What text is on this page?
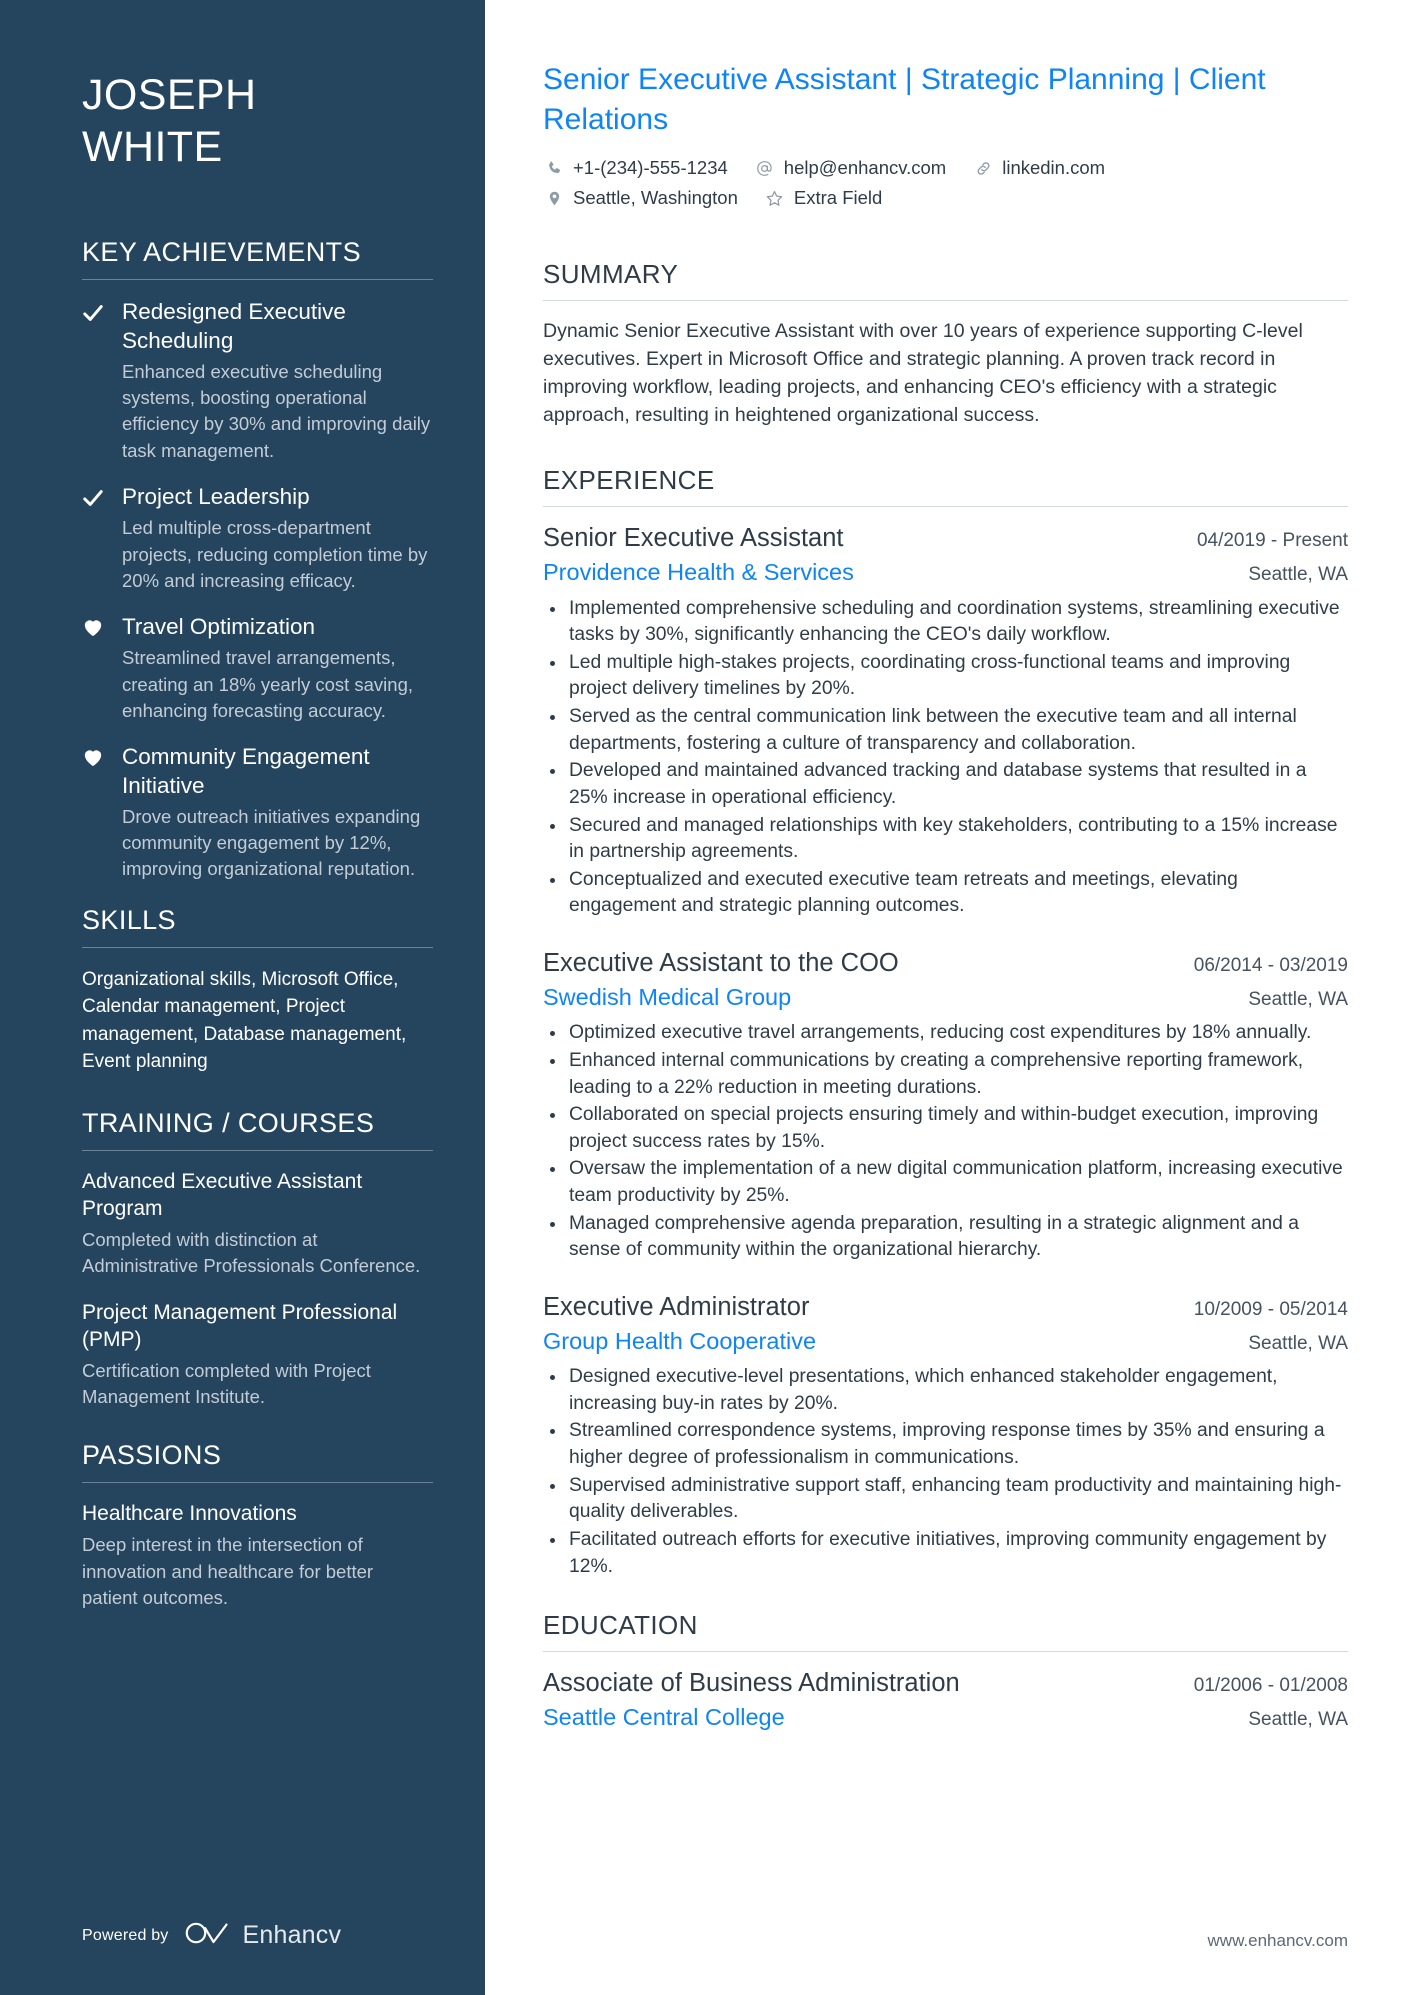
JOSEPH
WHITE
KEY ACHIEVEMENTS
Redesigned Executive Scheduling
Enhanced executive scheduling systems, boosting operational efficiency by 30% and improving daily task management.
Project Leadership
Led multiple cross-department projects, reducing completion time by 20% and increasing efficacy.
Travel Optimization
Streamlined travel arrangements, creating an 18% yearly cost saving, enhancing forecasting accuracy.
Community Engagement Initiative
Drove outreach initiatives expanding community engagement by 12%, improving organizational reputation.
SKILLS
Organizational skills, Microsoft Office, Calendar management, Project management, Database management, Event planning
TRAINING / COURSES
Advanced Executive Assistant Program
Completed with distinction at Administrative Professionals Conference.
Project Management Professional (PMP)
Certification completed with Project Management Institute.
PASSIONS
Healthcare Innovations
Deep interest in the intersection of innovation and healthcare for better patient outcomes.
Powered by	Enhancv
Senior Executive Assistant | Strategic Planning | Client Relations
+1-(234)-555-1234	help@enhancv.com	linkedin.com
Seattle, Washington	Extra Field
SUMMARY

Dynamic Senior Executive Assistant with over 10 years of experience supporting C-level executives. Expert in Microsoft Office and strategic planning. A proven track record in improving workflow, leading projects, and enhancing CEO's efficiency with a strategic approach, resulting in heightened organizational success.

EXPERIENCE
Senior Executive Assistant	04/2019 - Present
Providence Health & Services	Seattle, WA
Implemented comprehensive scheduling and coordination systems, streamlining executive tasks by 30%, significantly enhancing the CEO's daily workflow.
Led multiple high-stakes projects, coordinating cross-functional teams and improving project delivery timelines by 20%.
Served as the central communication link between the executive team and all internal departments, fostering a culture of transparency and collaboration.
Developed and maintained advanced tracking and database systems that resulted in a 25% increase in operational efficiency.
Secured and managed relationships with key stakeholders, contributing to a 15% increase in partnership agreements.
Conceptualized and executed executive team retreats and meetings, elevating engagement and strategic planning outcomes.
Executive Assistant to the COO	06/2014 - 03/2019
Swedish Medical Group	Seattle, WA
Optimized executive travel arrangements, reducing cost expenditures by 18% annually.
Enhanced internal communications by creating a comprehensive reporting framework, leading to a 22% reduction in meeting durations.
Collaborated on special projects ensuring timely and within-budget execution, improving project success rates by 15%.
Oversaw the implementation of a new digital communication platform, increasing executive team productivity by 25%.
Managed comprehensive agenda preparation, resulting in a strategic alignment and a sense of community within the organizational hierarchy.
Executive Administrator	10/2009 - 05/2014
Group Health Cooperative	Seattle, WA
Designed executive-level presentations, which enhanced stakeholder engagement, increasing buy-in rates by 20%.
Streamlined correspondence systems, improving response times by 35% and ensuring a higher degree of professionalism in communications.
Supervised administrative support staff, enhancing team productivity and maintaining high-quality deliverables.
Facilitated outreach efforts for executive initiatives, improving community engagement by 12%.
EDUCATION
Associate of Business Administration	01/2006 - 01/2008
Seattle Central College	Seattle, WA
www.enhancv.com
